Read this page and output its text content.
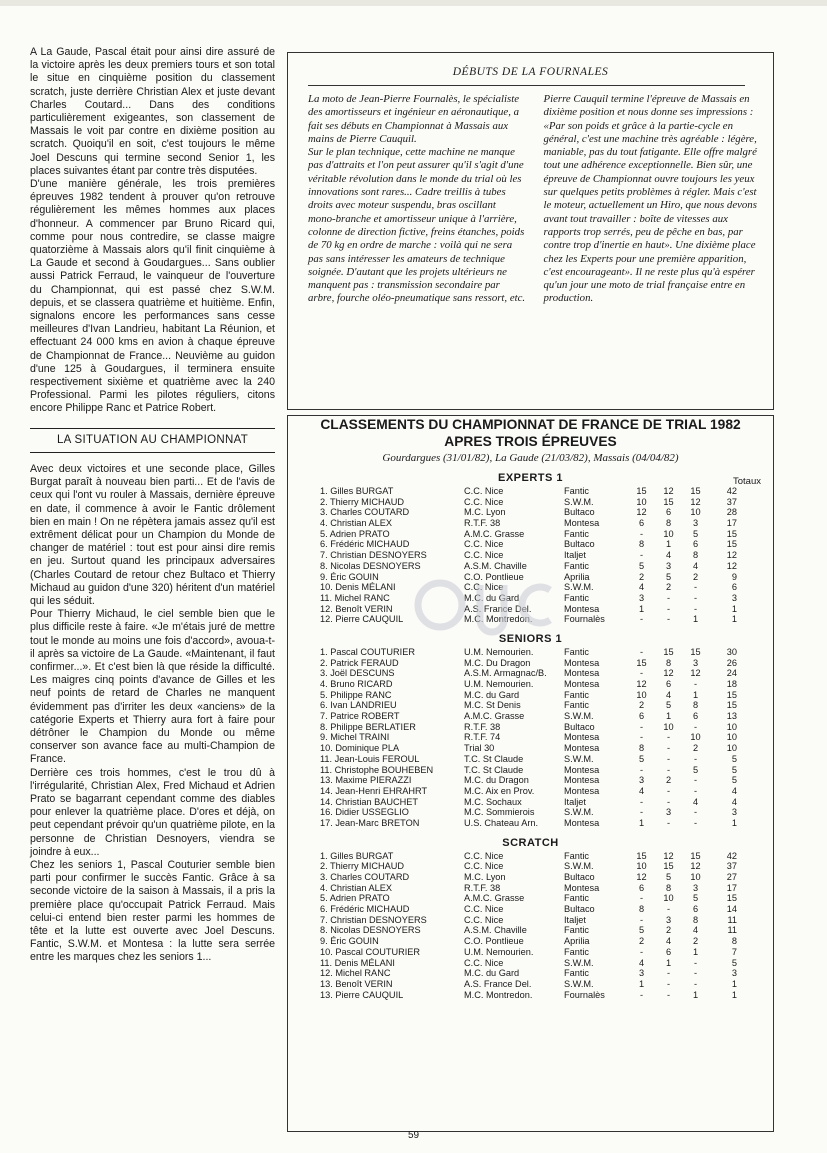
A La Gaude, Pascal était pour ainsi dire assuré de la victoire après les deux premiers tours et son total le situe en cinquième position du classement scratch, juste derrière Christian Alex et juste devant Charles Coutard... Dans des conditions particulièrement exigeantes, son classement de Massais le voit par contre en dixième position au scratch. Quoiqu'il en soit, c'est toujours le même Joel Descuns qui termine second Senior 1, les places suivantes étant par contre très disputées.

D'une manière générale, les trois premières épreuves 1982 tendent à prouver qu'on retrouve régulièrement les mêmes hommes aux places d'honneur. A commencer par Bruno Ricard qui, comme pour nous contredire, se classe maigre quatorzième à Massais alors qu'il finit cinquième à La Gaude et second à Goudargues... Sans oublier aussi Patrick Ferraud, le vainqueur de l'ouverture du Championnat, qui est passé chez S.W.M. depuis, et se classera quatrième et huitième. Enfin, signalons encore les performances sans cesse meilleures d'Ivan Landrieu, habitant La Réunion, et effectuant 24 000 kms en avion à chaque épreuve de Championnat de France... Neuvième au guidon d'une 125 à Goudargues, il terminera ensuite respectivement sixième et quatrième avec la 240 Professional. Parmi les pilotes réguliers, citons encore Philippe Ranc et Patrice Robert.

LA SITUATION AU CHAMPIONNAT

Avec deux victoires et une seconde place, Gilles Burgat paraît à nouveau bien parti... Et de l'avis de ceux qui l'ont vu rouler à Massais, dernière épreuve en date, il commence à avoir le Fantic drôlement bien en main ! On ne répètera jamais assez qu'il est extrêment délicat pour un Champion du Monde de changer de matériel : tout est pour ainsi dire remis en jeu. Surtout quand les principaux adversaires (Charles Coutard de retour chez Bultaco et Thierry Michaud au guidon d'une 320) héritent d'un matériel qui les séduit.

Pour Thierry Michaud, le ciel semble bien que le plus difficile reste à faire. «Je m'étais juré de mettre tout le monde au moins une fois d'accord», avoua-t-il après sa victoire de La Gaude. «Maintenant, il faut confirmer...». Et c'est bien là que réside la difficulté. Les maigres cinq points d'avance de Gilles et les neuf points de retard de Charles ne manquent évidemment pas d'irriter les deux «anciens» de la catégorie Experts et Thierry aura fort à faire pour détrôner le Champion du Monde ou même conserver son avance face au multi-Champion de France.

Derrière ces trois hommes, c'est le trou dû à l'irrégularité, Christian Alex, Fred Michaud et Adrien Prato se bagarrant cependant comme des diables pour enlever la quatrième place. D'ores et déjà, on peut cependant prévoir qu'un quatrième pilote, en la personne de Christian Desnoyers, viendra se joindre à eux...

Chez les seniors 1, Pascal Couturier semble bien parti pour confirmer le succès Fantic. Grâce à sa seconde victoire de la saison à Massais, il a pris la première place qu'occupait Patrick Ferraud. Mais celui-ci entend bien rester parmi les hommes de tête et la lutte est ouverte avec Joel Descuns. Fantic, S.W.M. et Montesa : la lutte sera serrée entre les marques chez les seniors 1...

DÉBUTS DE LA FOURNALES

La moto de Jean-Pierre Fournalès, le spécialiste des amortisseurs et ingénieur en aéronautique, a fait ses débuts en Championnat à Massais aux mains de Pierre Cauquil.

Sur le plan technique, cette machine ne manque pas d'attraits et l'on peut assurer qu'il s'agit d'une véritable révolution dans le monde du trial où les innovations sont rares... Cadre treillis à tubes droits avec moteur suspendu, bras oscillant mono-branche et amortisseur unique à l'arrière, colonne de direction fictive, freins étanches, poids de 70 kg en ordre de marche : voilà qui ne sera pas sans intéresser les amateurs de technique soignée. D'autant que les projets ultérieurs ne manquent pas : transmission secondaire par arbre, fourche oléo-pneumatique sans ressort, etc.

Pierre Cauquil termine l'épreuve de Massais en dixième position et nous donne ses impressions : «Par son poids et grâce à la partie-cycle en général, c'est une machine très agréable : légère, maniable, pas du tout fatigante. Elle offre malgré tout une adhérence exceptionnelle. Bien sûr, une épreuve de Championnat ouvre toujours les yeux sur quelques petits problèmes à régler. Mais c'est le moteur, actuellement un Hiro, que nous devons avant tout travailler : boîte de vitesses aux rapports trop serrés, peu de pêche en bas, par contre trop d'inertie en haut». Une dixième place chez les Experts pour une première apparition, c'est encourageant». Il ne reste plus qu'à espérer qu'un jour une moto de trial française entre en production.

CLASSEMENTS DU CHAMPIONNAT DE FRANCE DE TRIAL 1982
APRES TROIS ÉPREUVES
Gourdargues (31/01/82), La Gaude (21/03/82), Massais (04/04/82)
EXPERTS 1	Totaux
1. Gilles BURGAT	C.C. Nice	Fantic	15	12	15	42
2. Thierry MICHAUD	C.C. Nice	S.W.M.	10	15	12	37
3. Charles COUTARD	M.C. Lyon	Bultaco	12	6	10	28
4. Christian ALEX	R.T.F. 38	Montesa	6	8	3	17
5. Adrien PRATO	A.M.C. Grasse	Fantic	-	10	5	15
6. Frédéric MICHAUD	C.C. Nice	Bultaco	8	1	6	15
7. Christian DESNOYERS	C.C. Nice	Italjet	-	4	8	12
8. Nicolas DESNOYERS	A.S.M. Chaville	Fantic	5	3	4	12
9. Éric GOUIN	C.O. Pontlieue	Aprilia	2	5	2	9
10. Denis MÉLANI	C.C. Nice	S.W.M.	4	2	-	6
11. Michel RANC	M.C. du Gard	Fantic	3	-	-	3
12. Benoît VERIN	A.S. France Del.	Montesa	1	-	-	1
12. Pierre CAUQUIL	M.C. Montredon.	Fournalès	-	-	1	1
SENIORS 1
1. Pascal COUTURIER	U.M. Nemourien.	Fantic	-	15	15	30
2. Patrick FERAUD	M.C. Du Dragon	Montesa	15	8	3	26
3. Joël DESCUNS	A.S.M. Armagnac/B.	Montesa	-	12	12	24
4. Bruno RICARD	U.M. Nemourien.	Montesa	12	6	-	18
5. Philippe RANC	M.C. du Gard	Fantic	10	4	1	15
6. Ivan LANDRIEU	M.C. St Denis	Fantic	2	5	8	15
7. Patrice ROBERT	A.M.C. Grasse	S.W.M.	6	1	6	13
8. Philippe BERLATIER	R.T.F. 38	Bultaco	-	10	-	10
9. Michel TRAINI	R.T.F. 74	Montesa	-	-	10	10
10. Dominique PLA	Trial 30	Montesa	8	-	2	10
11. Jean-Louis FEROUL	T.C. St Claude	S.W.M.	5	-	-	5
11. Christophe BOUHEBEN	T.C. St Claude	Montesa	-	-	5	5
13. Maxime PIERAZZI	M.C. du Dragon	Montesa	3	2	-	5
14. Jean-Henri EHRAHRT	M.C. Aix en Prov.	Montesa	4	-	-	4
14. Christian BAUCHET	M.C. Sochaux	Italjet	-	-	4	4
16. Didier USSEGLIO	M.C. Sommierois	S.W.M.	-	3	-	3
17. Jean-Marc BRETON	U.S. Chateau Arn.	Montesa	1	-	-	1
SCRATCH
1. Gilles BURGAT	C.C. Nice	Fantic	15	12	15	42
2. Thierry MICHAUD	C.C. Nice	S.W.M.	10	15	12	37
3. Charles COUTARD	M.C. Lyon	Bultaco	12	5	10	27
4. Christian ALEX	R.T.F. 38	Montesa	6	8	3	17
5. Adrien PRATO	A.M.C. Grasse	Fantic	-	10	5	15
6. Frédéric MICHAUD	C.C. Nice	Bultaco	8	-	6	14
7. Christian DESNOYERS	C.C. Nice	Italjet	-	3	8	11
8. Nicolas DESNOYERS	A.S.M. Chaville	Fantic	5	2	4	11
9. Éric GOUIN	C.O. Pontlieue	Aprilia	2	4	2	8
10. Pascal COUTURIER	U.M. Nemourien.	Fantic	-	6	1	7
11. Denis MÉLANI	C.C. Nice	S.W.M.	4	1	-	5
12. Michel RANC	M.C. du Gard	Fantic	3	-	-	3
13. Benoît VERIN	A.S. France Del.	S.W.M.	1	-	-	1
13. Pierre CAUQUIL	M.C. Montredon.	Fournalès	-	-	1	1
59
